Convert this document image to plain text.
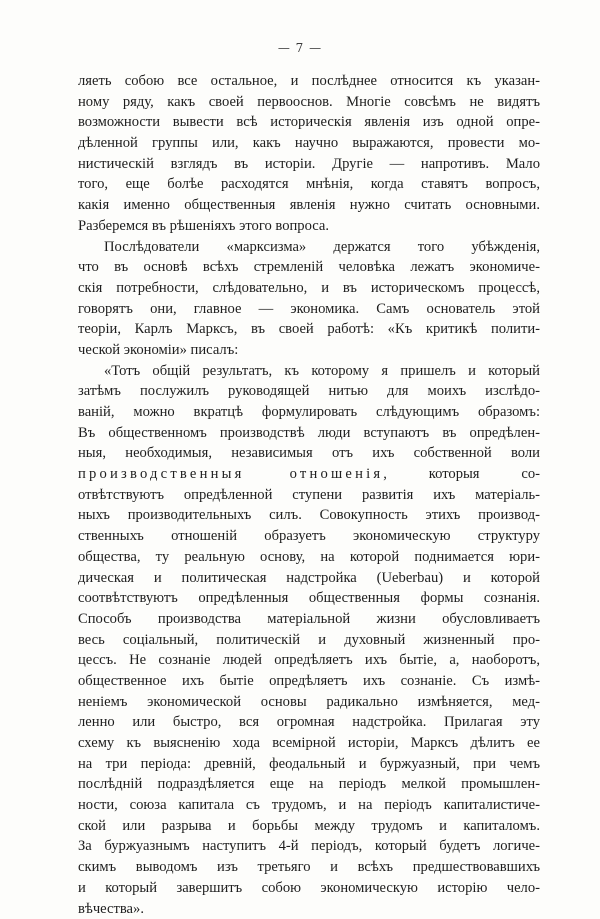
— 7 —
ляеть собою все остальное, и послѣднее относится къ указан-
ному ряду, какъ своей первооснов. Многіе совсѣмъ не видятъ
возможности вывести всѣ историческія явленія изъ одной опре-
дѣленной группы или, какъ научно выражаются, провести мо-
нистическій взглядъ въ исторіи. Другіе — напротивъ. Мало
того, еще болѣе расходятся мнѣнія, когда ставятъ вопросъ,
какія именно общественныя явленія нужно считать основными.
Разберемся въ рѣшеніяхъ этого вопроса.
Послѣдователи «марксизма» держатся того убѣжденія,
что въ основѣ всѣхъ стремленій человѣка лежатъ экономиче-
скія потребности, слѣдовательно, и въ историческомъ процессѣ,
говорятъ они, главное — экономика. Самъ основатель этой
теоріи, Карлъ Марксъ, въ своей работѣ: «Къ критикѣ полити-
ческой экономіи» писалъ:
«Тотъ общій результатъ, къ которому я пришелъ и который
затѣмъ послужилъ руководящей нитью для моихъ изслѣдо-
ваній, можно вкратцѣ формулировать слѣдующимъ образомъ:
Въ общественномъ производствѣ люди вступаютъ въ опредѣлен-
ныя, необходимыя, независимыя отъ ихъ собственной воли
производственныя отношенія, которыя со-
отвѣтствуютъ опредѣленной ступени развитія ихъ матеріаль-
ныхъ производительныхъ силъ. Совокупность этихъ производ-
ственныхъ отношеній образуетъ экономическую структуру
общества, ту реальную основу, на которой поднимается юри-
дическая и политическая надстройка (Ueberbau) и которой
соотвѣтствуютъ опредѣленныя общественныя формы сознанія.
Способъ производства матеріальной жизни обусловливаетъ
весь соціальный, политическій и духовный жизненный про-
цессъ. Не сознаніе людей опредѣляетъ ихъ бытіе, а, наоборотъ,
общественное ихъ бытіе опредѣляетъ ихъ сознаніе. Съ измѣ-
неніемъ экономической основы радикально измѣняется, мед-
ленно или быстро, вся огромная надстройка. Прилагая эту
схему къ выясненію хода всемірной исторіи, Марксъ дѣлитъ ее
на три періода: древній, феодальный и буржуазный, при чемъ
послѣдній подраздѣляется еще на періодъ мелкой промышлен-
ности, союза капитала съ трудомъ, и на періодъ капиталистиче-
ской или разрыва и борьбы между трудомъ и капиталомъ.
За буржуазнымъ наступитъ 4-й періодъ, который будетъ логиче-
скимъ выводомъ изъ третьяго и всѣхъ предшествовавшихъ
и который завершитъ собою экономическую исторію чело-
вѣчества».
